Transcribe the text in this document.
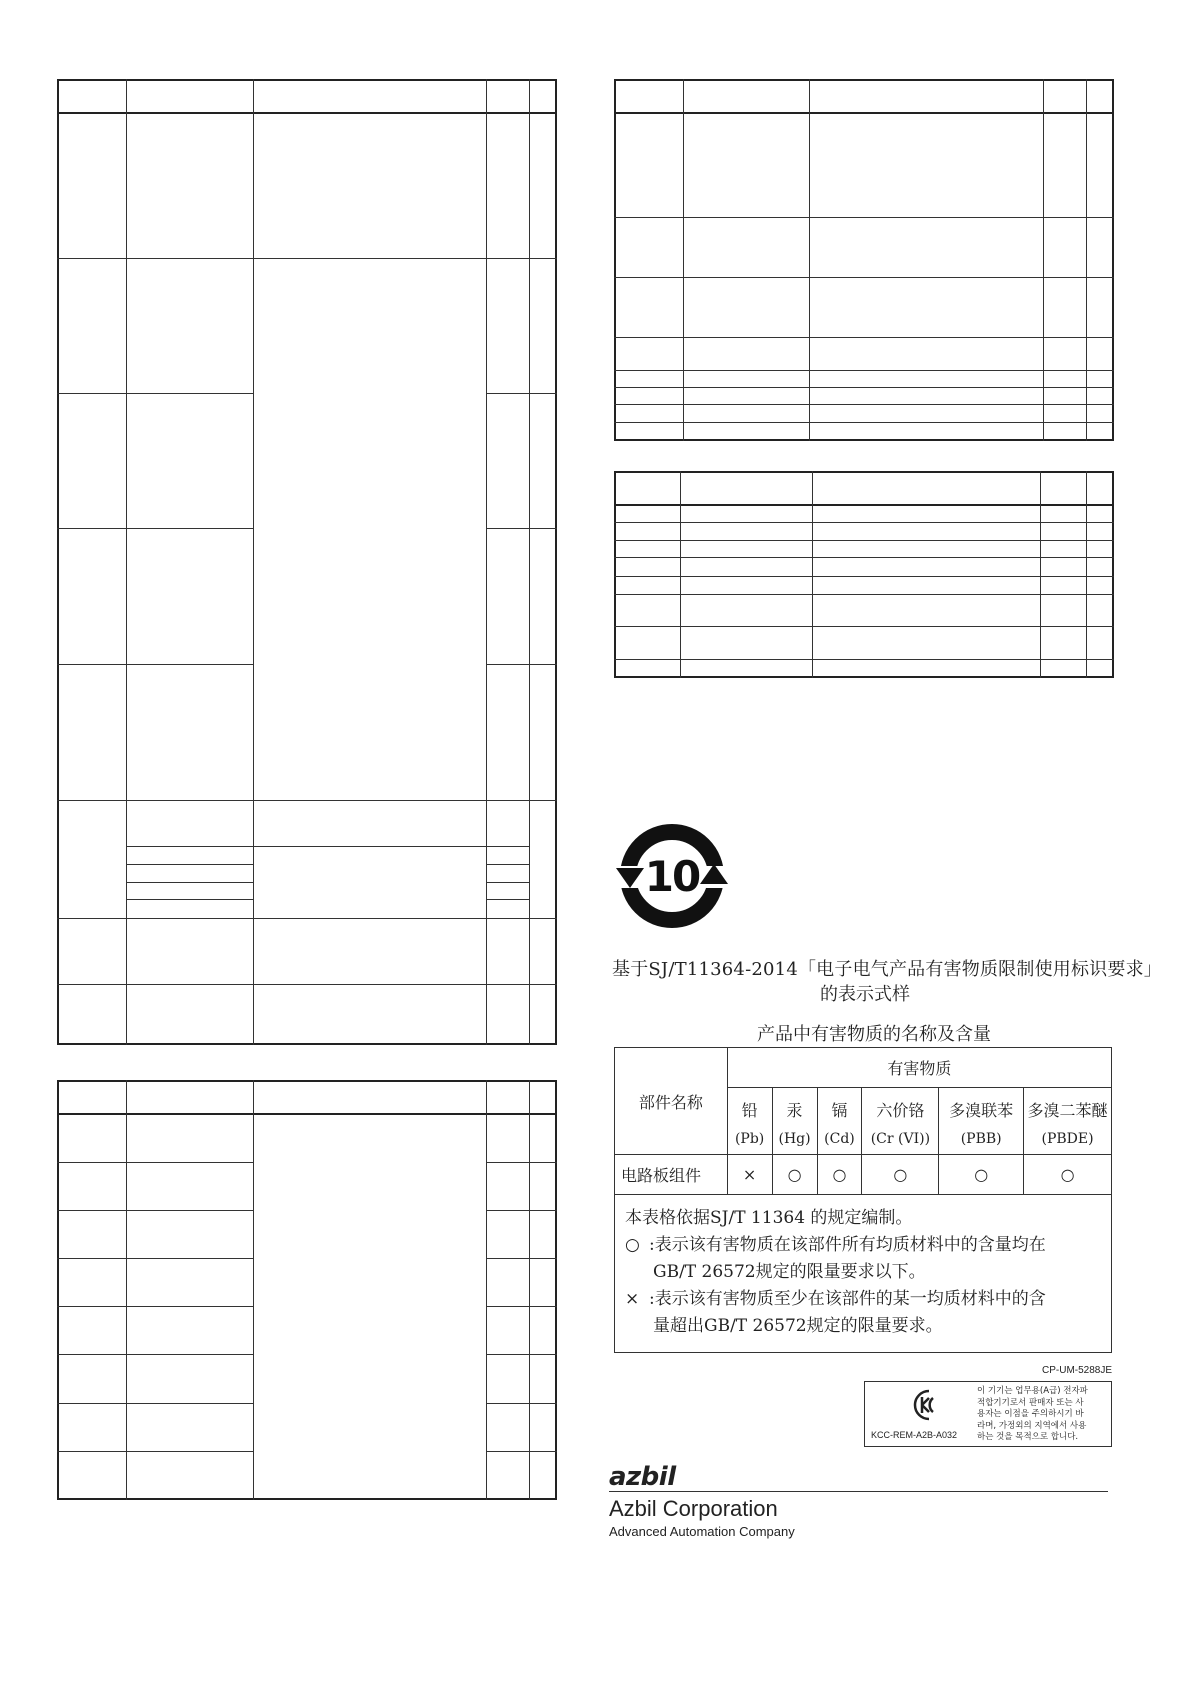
10
基于SJ/T11364-2014「电子电气产品有害物质限制使用标识要求」
的表示式样
产品中有害物质的名称及含量
部件名称	有害物质					
	铅	汞	镉	六价铬	多溴联苯	多溴二苯醚
	(Pb)	(Hg)	(Cd)	(Cr (VI))	(PBB)	(PBDE)
电路板组件	×	○	○	○	○	○

本表格依据SJ/T 11364 的规定编制。
○ :表示该有害物质在该部件所有均质材料中的含量均在
GB/T 26572规定的限量要求以下。
× :表示该有害物质至少在该部件的某一均质材料中的含
量超出GB/T 26572规定的限量要求。						
CP-UM-5288JE
KCC-REM-A2B-A032
이 기기는 업무용(A급) 전자파
적합기기로서 판매자 또는 사
용자는 이점을 주의하시기 바
라며, 가정외의 지역에서 사용
하는 것을 목적으로 합니다.
azbil
Azbil Corporation
Advanced Automation Company
